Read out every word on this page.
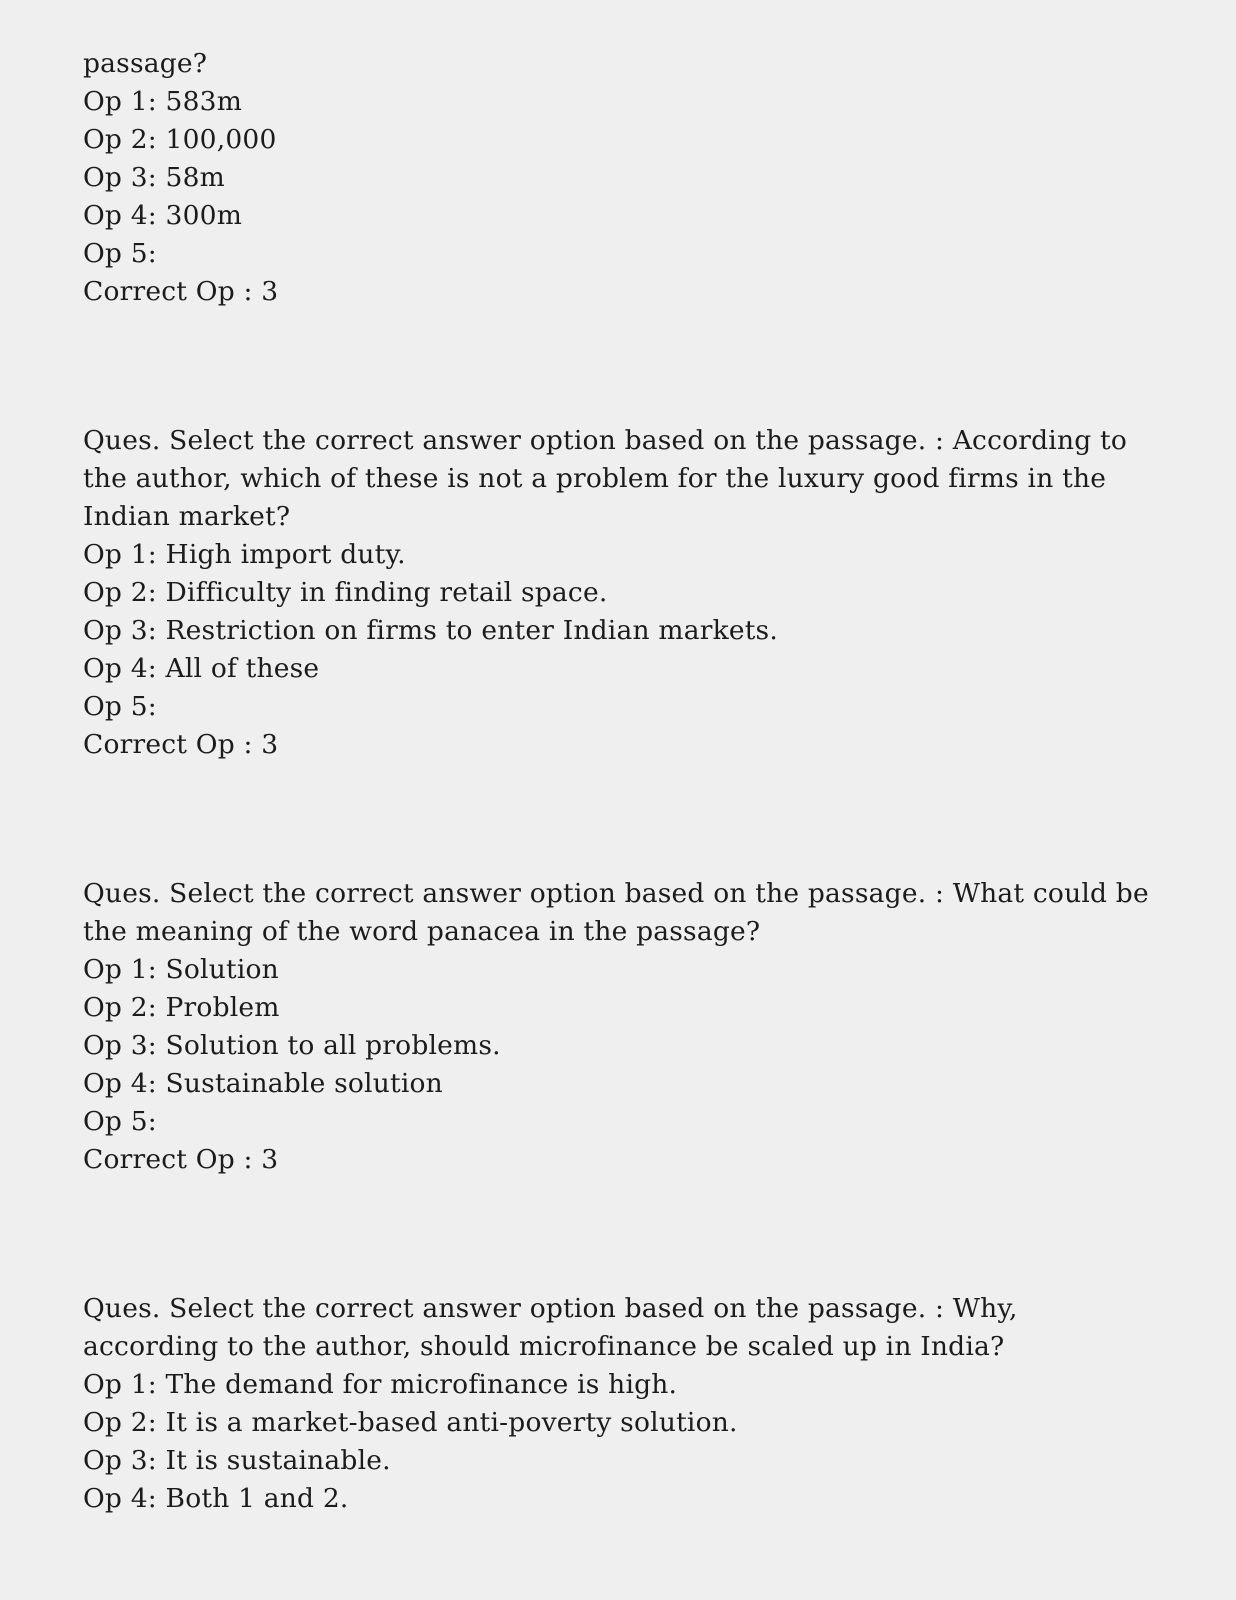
passage?
Op 1: 583m
Op 2: 100,000
Op 3: 58m
Op 4: 300m
Op 5:
Correct Op : 3
Ques. Select the correct answer option based on the passage. : According to
the author, which of these is not a problem for the luxury good firms in the
Indian market?
Op 1: High import duty.
Op 2: Difficulty in finding retail space.
Op 3: Restriction on firms to enter Indian markets.
Op 4: All of these
Op 5:
Correct Op : 3
Ques. Select the correct answer option based on the passage. : What could be
the meaning of the word panacea in the passage?
Op 1: Solution
Op 2: Problem
Op 3: Solution to all problems.
Op 4: Sustainable solution
Op 5:
Correct Op : 3
Ques. Select the correct answer option based on the passage. : Why,
according to the author, should microfinance be scaled up in India?
Op 1: The demand for microfinance is high.
Op 2: It is a market-based anti-poverty solution.
Op 3: It is sustainable.
Op 4: Both 1 and 2.
